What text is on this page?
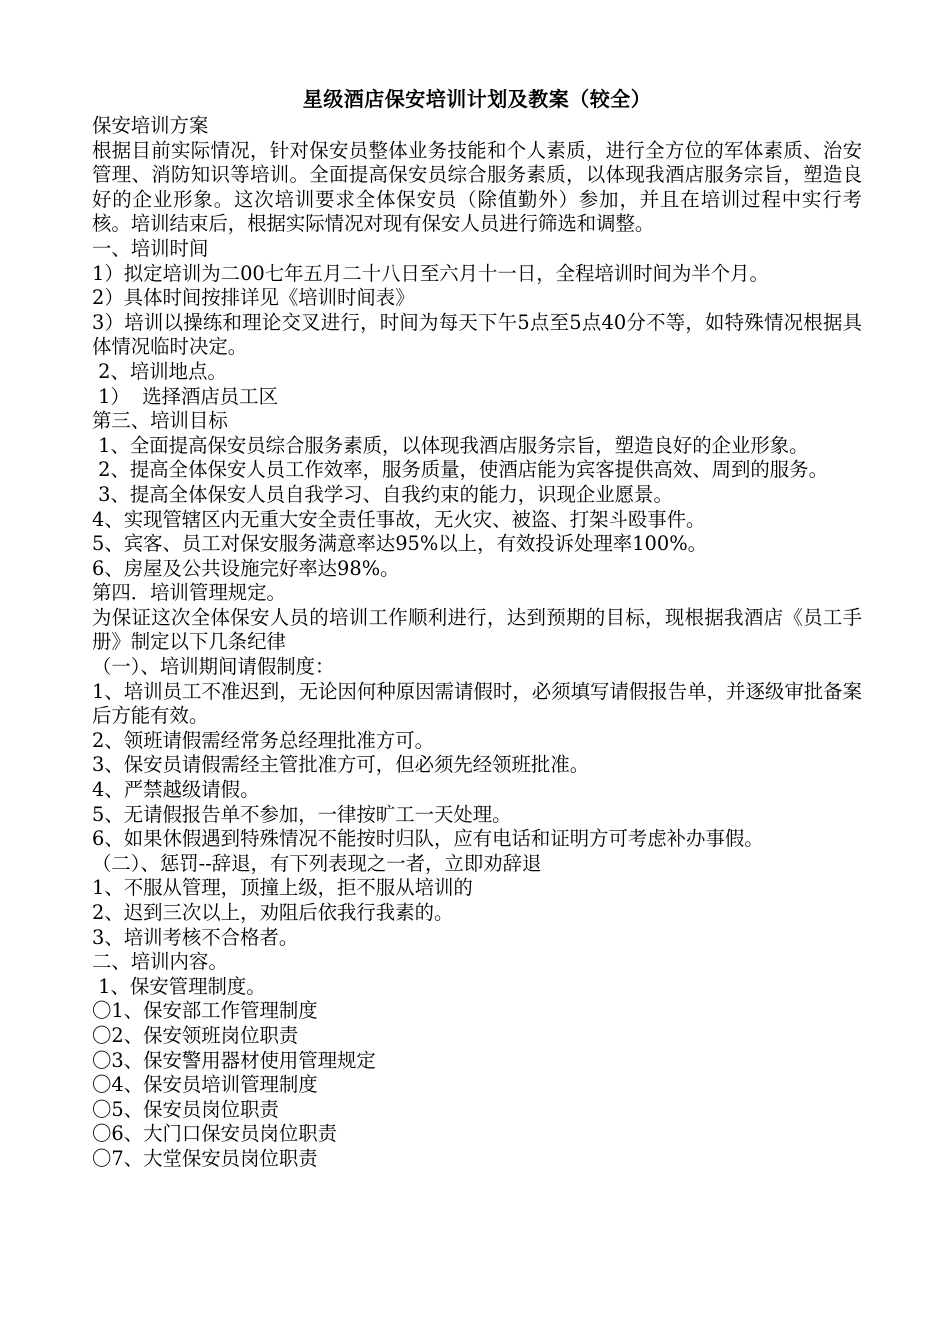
星级酒店保安培训计划及教案（较全）

保安培训方案

根据目前实际情况，针对保安员整体业务技能和个人素质，进行全方位的军体素质、治安管理、消防知识等培训。全面提高保安员综合服务素质，以体现我酒店服务宗旨，塑造良好的企业形象。这次培训要求全体保安员（除值勤外）参加，并且在培训过程中实行考核。培训结束后，根据实际情况对现有保安人员进行筛选和调整。

一、培训时间

1）拟定培训为二00七年五月二十八日至六月十一日，全程培训时间为半个月。

2）具体时间按排详见《培训时间表》

3）培训以操练和理论交叉进行，时间为每天下午5点至5点40分不等，如特殊情况根据具体情况临时决定。

2、培训地点。

1）  选择酒店员工区

第三、培训目标

1、全面提高保安员综合服务素质，以体现我酒店服务宗旨，塑造良好的企业形象。

2、提高全体保安人员工作效率，服务质量，使酒店能为宾客提供高效、周到的服务。

3、提高全体保安人员自我学习、自我约束的能力，识现企业愿景。

4、实现管辖区内无重大安全责任事故，无火灾、被盗、打架斗殴事件。

5、宾客、员工对保安服务满意率达95%以上，有效投诉处理率100%。

6、房屋及公共设施完好率达98%。

第四．培训管理规定。

为保证这次全体保安人员的培训工作顺利进行，达到预期的目标，现根据我酒店《员工手册》制定以下几条纪律

（一）、培训期间请假制度：

1、培训员工不准迟到，无论因何种原因需请假时，必须填写请假报告单，并逐级审批备案后方能有效。

2、领班请假需经常务总经理批准方可。

3、保安员请假需经主管批准方可，但必须先经领班批准。

4、严禁越级请假。

5、无请假报告单不参加，一律按旷工一天处理。

6、如果休假遇到特殊情况不能按时归队，应有电话和证明方可考虑补办事假。

（二）、惩罚--辞退，有下列表现之一者，立即劝辞退

1、不服从管理，顶撞上级，拒不服从培训的

2、迟到三次以上，劝阻后依我行我素的。

3、培训考核不合格者。

二、培训内容。

1、保安管理制度。

〇1、保安部工作管理制度

〇2、保安领班岗位职责

〇3、保安警用器材使用管理规定

〇4、保安员培训管理制度

〇5、保安员岗位职责

〇6、大门口保安员岗位职责

〇7、大堂保安员岗位职责
